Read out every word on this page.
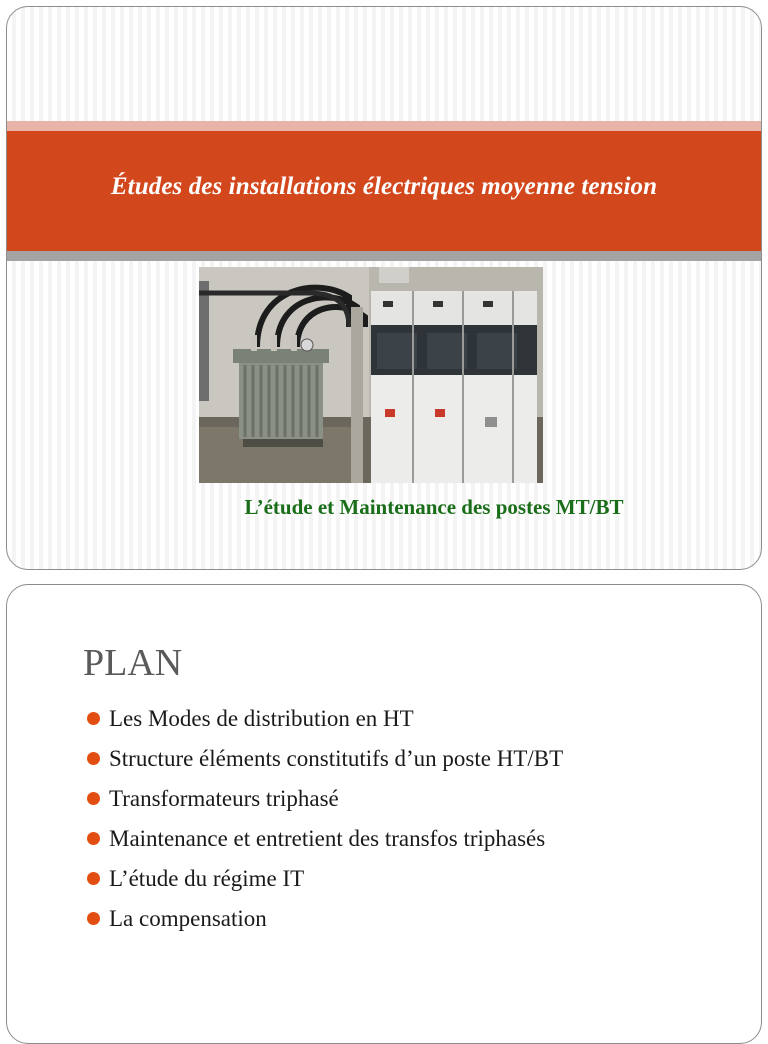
Études des installations électriques moyenne tension
L’étude et Maintenance des postes MT/BT
PLAN
Les Modes de distribution en HT
Structure éléments constitutifs d’un poste HT/BT
Transformateurs triphasé
Maintenance et entretient des transfos triphasés
L’étude du régime IT
La compensation
